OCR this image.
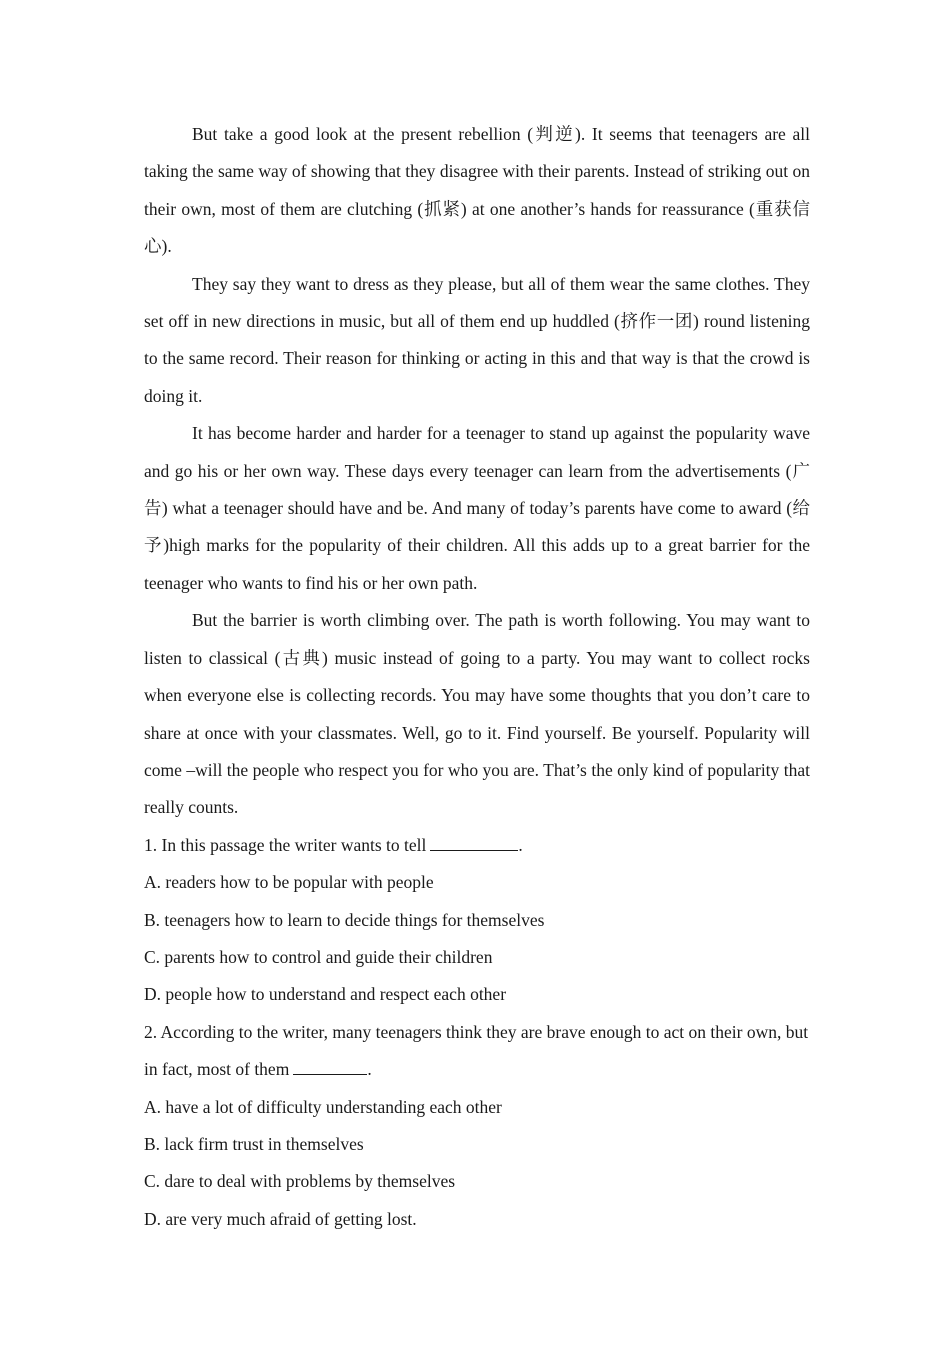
But take a good look at the present rebellion (判逆). It seems that teenagers are all taking the same way of showing that they disagree with their parents. Instead of striking out on their own, most of them are clutching (抓紧) at one another’s hands for reassurance (重获信心).

They say they want to dress as they please, but all of them wear the same clothes. They set off in new directions in music, but all of them end up huddled (挤作一团) round listening to the same record. Their reason for thinking or acting in this and that way is that the crowd is doing it.

It has become harder and harder for a teenager to stand up against the popularity wave and go his or her own way. These days every teenager can learn from the advertisements (广告) what a teenager should have and be. And many of today’s parents have come to award (给予)high marks for the popularity of their children. All this adds up to a great barrier for the teenager who wants to find his or her own path.

But the barrier is worth climbing over. The path is worth following. You may want to listen to classical (古典) music instead of going to a party. You may want to collect rocks when everyone else is collecting records. You may have some thoughts that you don’t care to share at once with your classmates. Well, go to it. Find yourself. Be yourself. Popularity will come –will the people who respect you for who you are. That’s the only kind of popularity that really counts.

1. In this passage the writer wants to tell	.

A. readers how to be popular with people

B. teenagers how to learn to decide things for themselves

C. parents how to control and guide their children

D. people how to understand and respect each other

2. According to the writer, many teenagers think they are brave enough to act on their own, but in fact, most of them	.

A. have a lot of difficulty understanding each other

B. lack firm trust in themselves

C. dare to deal with problems by themselves

D. are very much afraid of getting lost.
